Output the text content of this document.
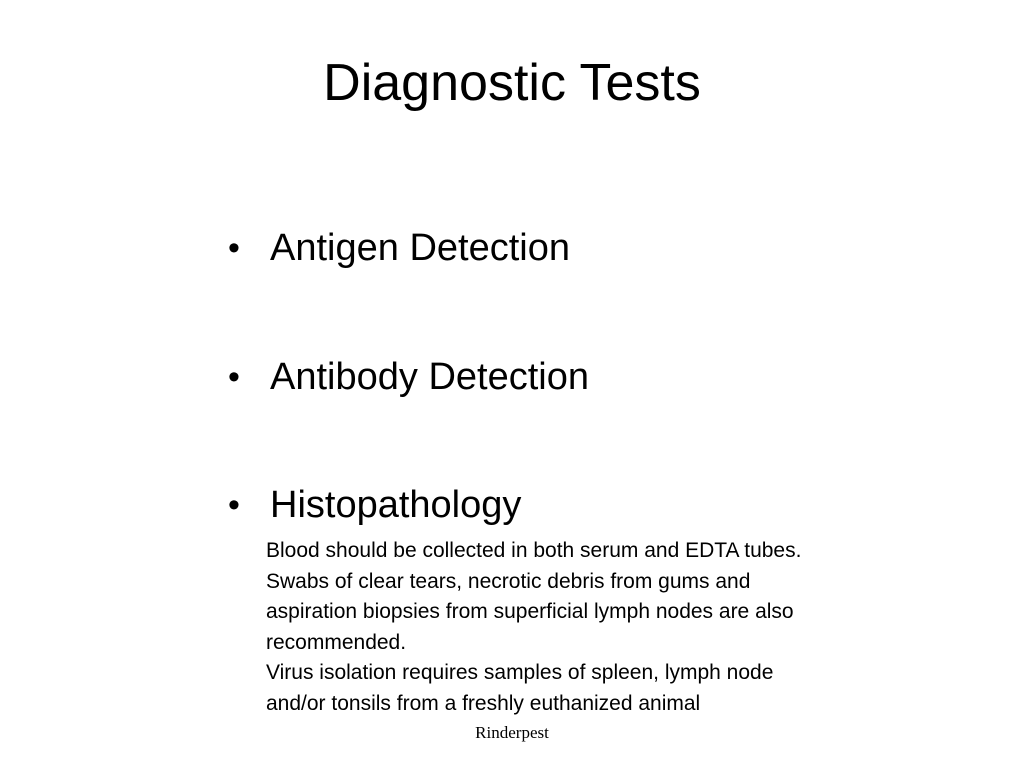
Diagnostic Tests
• Antigen Detection
• Antibody Detection
• Histopathology
Blood should be collected in both serum and EDTA tubes.
Swabs of clear tears, necrotic debris from gums and
aspiration biopsies from superficial lymph nodes are also
recommended.
Virus isolation requires samples of spleen, lymph node
and/or tonsils from a freshly euthanized animal
Rinderpest
